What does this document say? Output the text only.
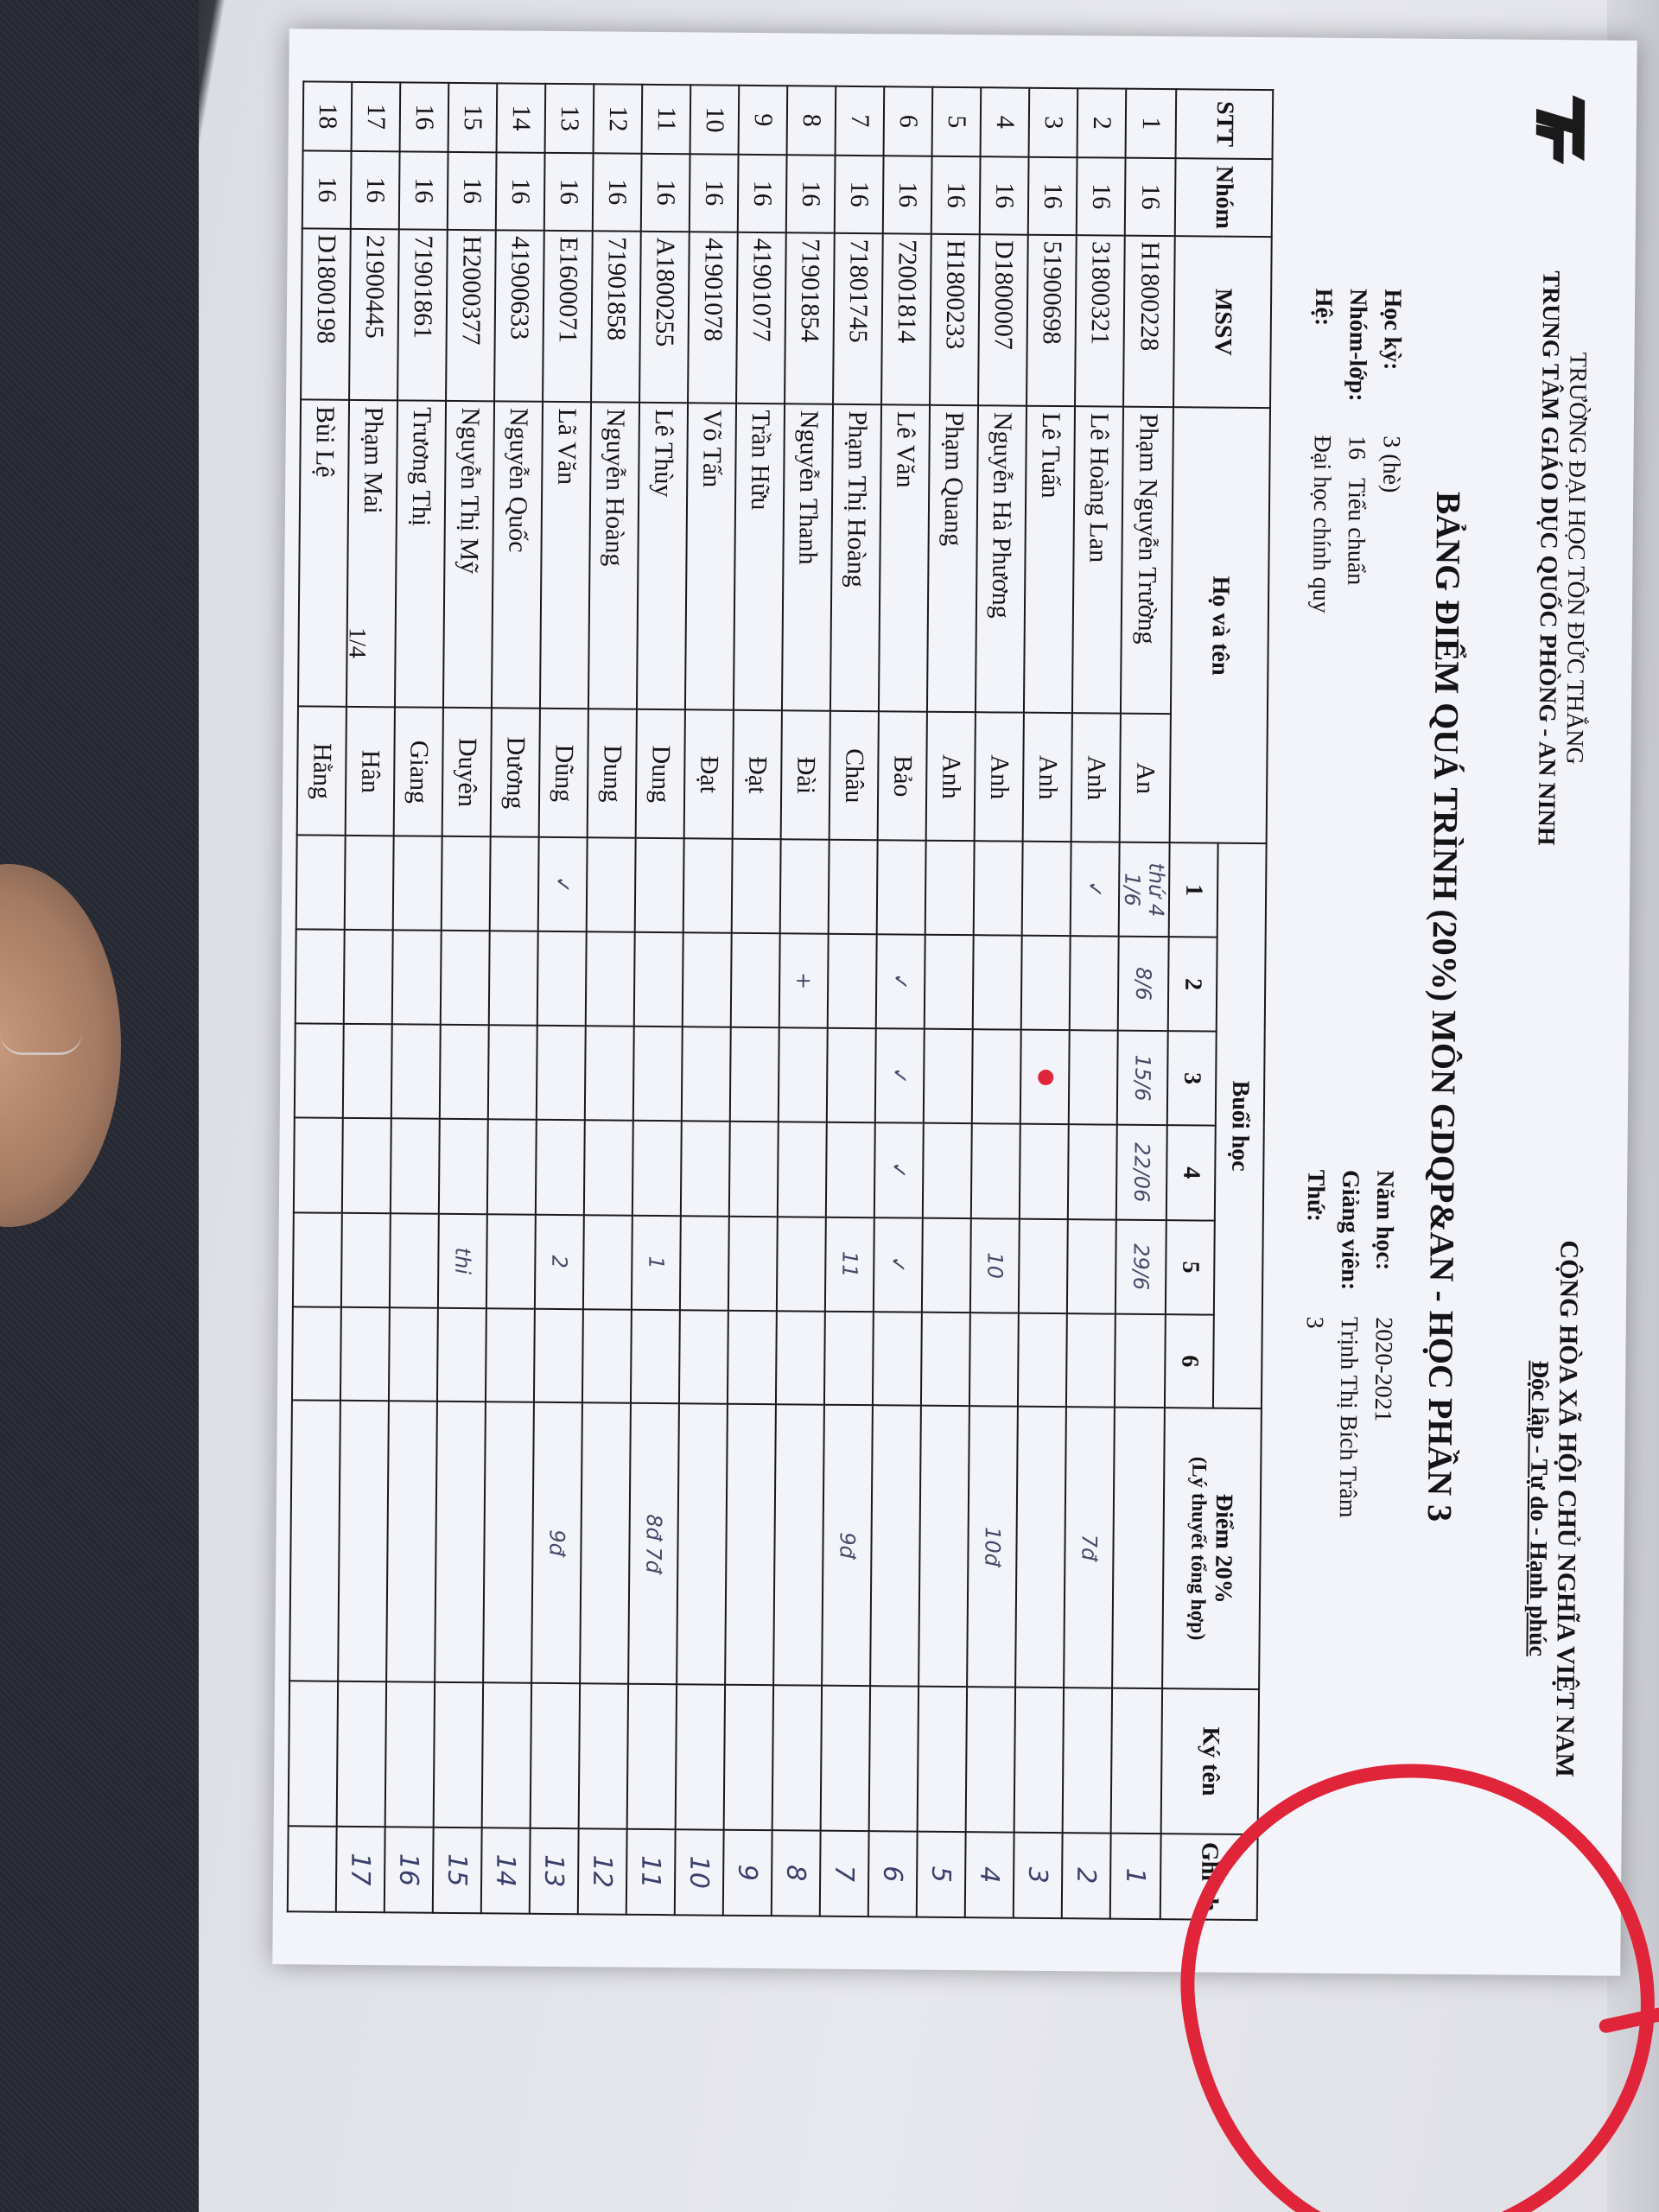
TRƯỜNG ĐẠI HỌC TÔN ĐỨC THẮNG
TRUNG TÂM GIÁO DỤC QUỐC PHÒNG - AN NINH
CỘNG HÒA XÃ HỘI CHỦ NGHĨA VIỆT NAM
Độc lập - Tự do - Hạnh phúc
BẢNG ĐIỂM QUÁ TRÌNH (20%) MÔN GDQP&AN - HỌC PHẦN 3
Học kỳ:
3 (hè)
Nhóm-lớp:
16   Tiểu chuẩn
Hệ:
Đại học chính quy
Năm học:
2020-2021
Giảng viên:
Trịnh Thị Bích Trâm
Thứ:
3
STT	Nhóm	MSSV	Họ và tên		Buổi học						Điểm 20%
(Lý thuyết tổng hợp)	Ký tên	Ghi ch
					1	2	3	4	5	6			
1	16	H1800228	Phạm Nguyễn Trường	An	thứ 4 1/6	8/6	15/6	22/06	29/6				1
2	16	31800321	Lê Hoàng Lan	Anh	✓						7đ		2
3	16	51900698	Lê Tuấn	Anh									3
4	16	D1800007	Nguyễn Hà Phương	Anh					10		10đ		4
5	16	H1800233	Phạm Quang	Anh									5
6	16	72001814	Lê Văn	Bảo		✓	✓	✓	✓				6
7	16	71801745	Phạm Thị Hoàng	Châu					11		9đ		7
8	16	71901854	Nguyễn Thanh	Đài		+							8
9	16	41901077	Trần Hữu	Đạt									9
10	16	41901078	Võ Tấn	Đạt									10
11	16	A1800255	Lê Thùy	Dung					1		8đ 7đ		11
12	16	71901858	Nguyễn Hoàng	Dung									12
13	16	E1600071	Lã Văn	Dũng	✓				2		9đ		13
14	16	41900633	Nguyễn Quốc	Dương									14
15	16	H2000377	Nguyễn Thị Mỹ	Duyên					thi				15
16	16	71901861	Trương Thị	Giang									16
17	16	21900445	Phạm Mai	Hân									17
18	16	D1800198	Bùi Lệ	Hằng									
1/4
